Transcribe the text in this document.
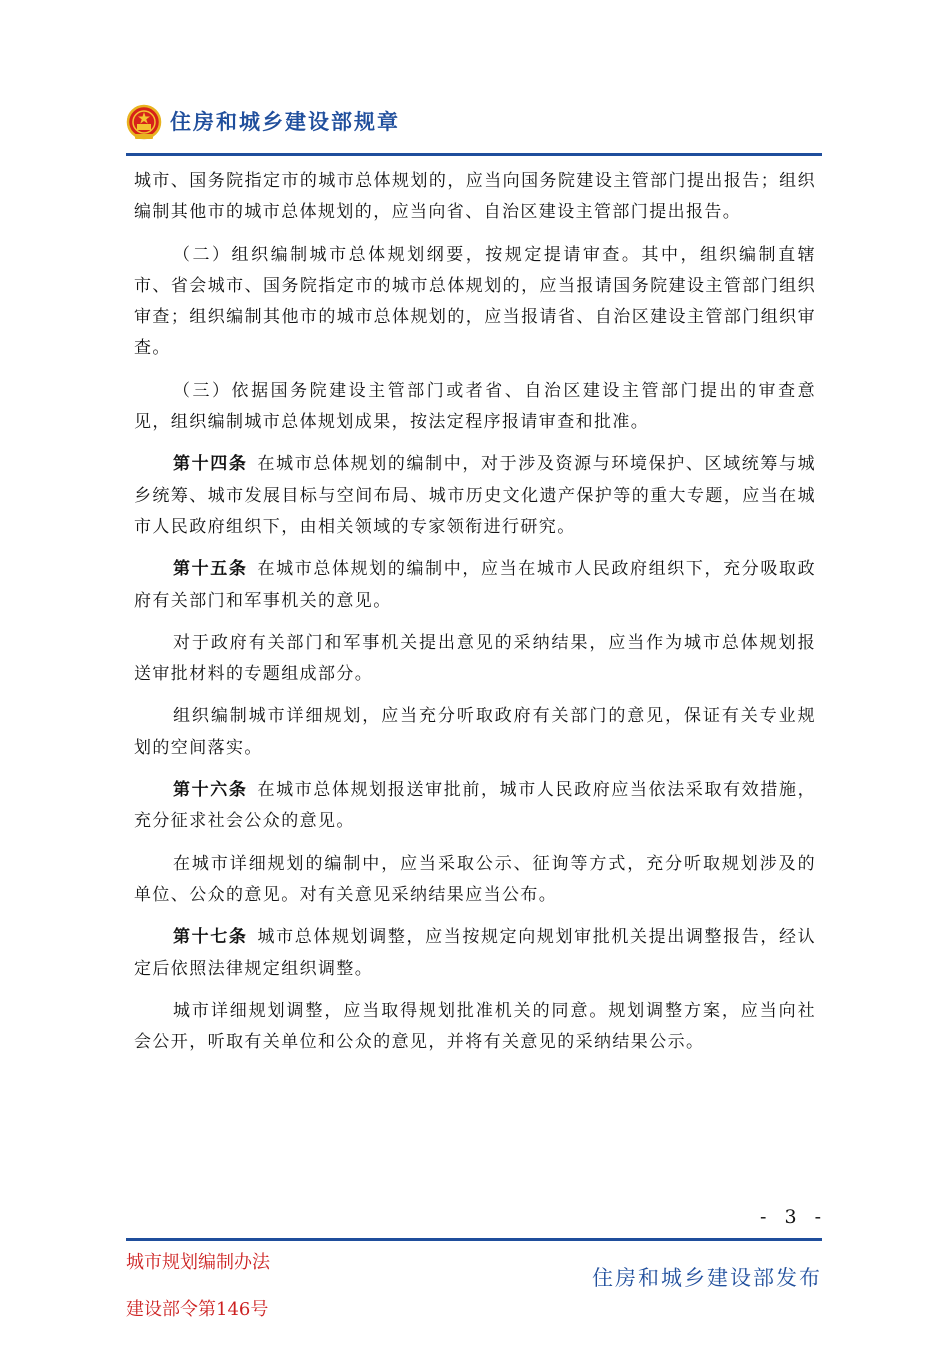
住房和城乡建设部规章

城市、国务院指定市的城市总体规划的，应当向国务院建设主管部门提出报告；组织编制其他市的城市总体规划的，应当向省、自治区建设主管部门提出报告。

（二）组织编制城市总体规划纲要，按规定提请审查。其中，组织编制直辖市、省会城市、国务院指定市的城市总体规划的，应当报请国务院建设主管部门组织审查；组织编制其他市的城市总体规划的，应当报请省、自治区建设主管部门组织审查。

（三）依据国务院建设主管部门或者省、自治区建设主管部门提出的审查意见，组织编制城市总体规划成果，按法定程序报请审查和批准。

第十四条 在城市总体规划的编制中，对于涉及资源与环境保护、区域统筹与城乡统筹、城市发展目标与空间布局、城市历史文化遗产保护等的重大专题，应当在城市人民政府组织下，由相关领域的专家领衔进行研究。

第十五条 在城市总体规划的编制中，应当在城市人民政府组织下，充分吸取政府有关部门和军事机关的意见。

对于政府有关部门和军事机关提出意见的采纳结果，应当作为城市总体规划报送审批材料的专题组成部分。

组织编制城市详细规划，应当充分听取政府有关部门的意见，保证有关专业规划的空间落实。

第十六条 在城市总体规划报送审批前，城市人民政府应当依法采取有效措施，充分征求社会公众的意见。

在城市详细规划的编制中，应当采取公示、征询等方式，充分听取规划涉及的单位、公众的意见。对有关意见采纳结果应当公布。

第十七条 城市总体规划调整，应当按规定向规划审批机关提出调整报告，经认定后依照法律规定组织调整。

城市详细规划调整，应当取得规划批准机关的同意。规划调整方案，应当向社会公开，听取有关单位和公众的意见，并将有关意见的采纳结果公示。

- 3 -
城市规划编制办法
建设部令第146号
住房和城乡建设部发布
